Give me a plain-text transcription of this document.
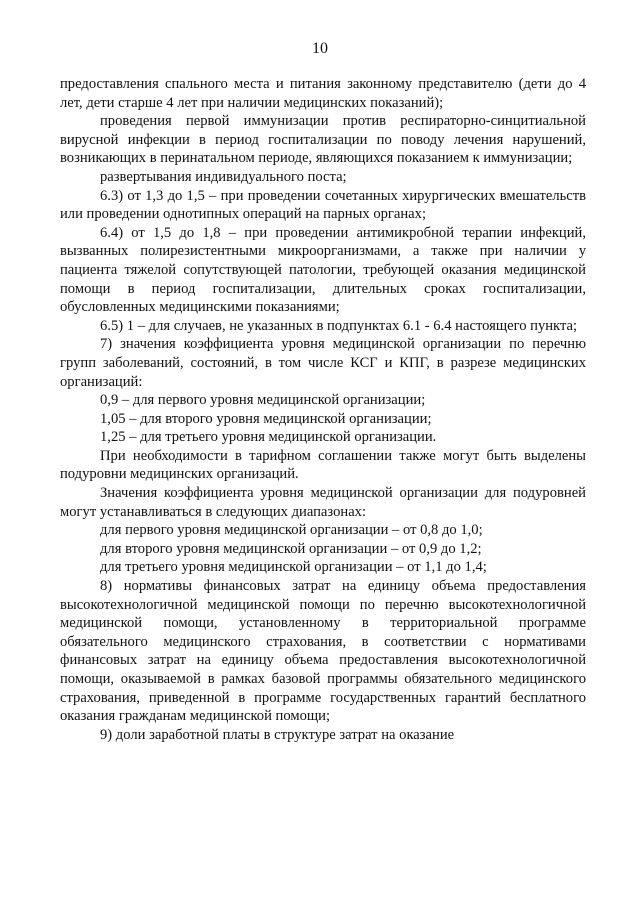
10

предоставления спального места и питания законному представителю (дети до 4 лет, дети старше 4 лет при наличии медицинских показаний);

проведения первой иммунизации против респираторно-синцитиальной вирусной инфекции в период госпитализации по поводу лечения нарушений, возникающих в перинатальном периоде, являющихся показанием к иммунизации;

развертывания индивидуального поста;

6.3) от 1,3 до 1,5 – при проведении сочетанных хирургических вмешательств или проведении однотипных операций на парных органах;

6.4) от 1,5 до 1,8 – при проведении антимикробной терапии инфекций, вызванных полирезистентными микроорганизмами, а также при наличии у пациента тяжелой сопутствующей патологии, требующей оказания медицинской помощи в период госпитализации, длительных сроках госпитализации, обусловленных медицинскими показаниями;

6.5) 1 – для случаев, не указанных в подпунктах 6.1 - 6.4 настоящего пункта;

7) значения коэффициента уровня медицинской организации по перечню групп заболеваний, состояний, в том числе КСГ и КПГ, в разрезе медицинских организаций:

0,9 – для первого уровня медицинской организации;

1,05 – для второго уровня медицинской организации;

1,25 – для третьего уровня медицинской организации.

При необходимости в тарифном соглашении также могут быть выделены подуровни медицинских организаций.

Значения коэффициента уровня медицинской организации для подуровней могут устанавливаться в следующих диапазонах:

для первого уровня медицинской организации – от 0,8 до 1,0;

для второго уровня медицинской организации – от 0,9 до 1,2;

для третьего уровня медицинской организации – от 1,1 до 1,4;

8) нормативы финансовых затрат на единицу объема предоставления высокотехнологичной медицинской помощи по перечню высокотехнологичной медицинской помощи, установленному в территориальной программе обязательного медицинского страхования, в соответствии с нормативами финансовых затрат на единицу объема предоставления высокотехнологичной помощи, оказываемой в рамках базовой программы обязательного медицинского страхования, приведенной в программе государственных гарантий бесплатного оказания гражданам медицинской помощи;

9) доли заработной платы в структуре затрат на оказание
